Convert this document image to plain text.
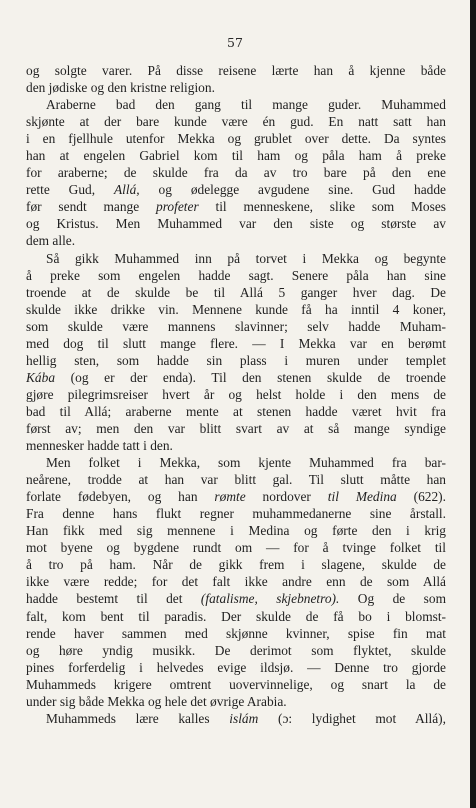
57
og solgte varer. På disse reisene lærte han å kjenne både
den jødiske og den kristne religion.
Araberne bad den gang til mange guder. Muhammed
skjønte at der bare kunde være én gud. En natt satt han
i en fjellhule utenfor Mekka og grublet over dette. Da syntes
han at engelen Gabriel kom til ham og påla ham å preke
for araberne; de skulde fra da av tro bare på den ene
rette Gud, Allá, og ødelegge avgudene sine. Gud hadde
før sendt mange profeter til menneskene, slike som Moses
og Kristus. Men Muhammed var den siste og største av
dem alle.
Så gikk Muhammed inn på torvet i Mekka og begynte
å preke som engelen hadde sagt. Senere påla han sine
troende at de skulde be til Allá 5 ganger hver dag. De
skulde ikke drikke vin. Mennene kunde få ha inntil 4 koner,
som skulde være mannens slavinner; selv hadde Muham-
med dog til slutt mange flere. — I Mekka var en berømt
hellig sten, som hadde sin plass i muren under templet
Kába (og er der enda). Til den stenen skulde de troende
gjøre pilegrimsreiser hvert år og helst holde i den mens de
bad til Allá; araberne mente at stenen hadde været hvit fra
først av; men den var blitt svart av at så mange syndige
mennesker hadde tatt i den.
Men folket i Mekka, som kjente Muhammed fra bar-
neårene, trodde at han var blitt gal. Til slutt måtte han
forlate fødebyen, og han rømte nordover til Medina (622).
Fra denne hans flukt regner muhammedanerne sine årstall.
Han fikk med sig mennene i Medina og førte den i krig
mot byene og bygdene rundt om — for å tvinge folket til
å tro på ham. Når de gikk frem i slagene, skulde de
ikke være redde; for det falt ikke andre enn de som Allá
hadde bestemt til det (fatalisme, skjebnetro). Og de som
falt, kom bent til paradis. Der skulde de få bo i blomst-
rende haver sammen med skjønne kvinner, spise fin mat
og høre yndig musikk. De derimot som flyktet, skulde
pines forferdelig i helvedes evige ildsjø. — Denne tro gjorde
Muhammeds krigere omtrent uovervinnelige, og snart la de
under sig både Mekka og hele det øvrige Arabia.
Muhammeds lære kalles islám (ɔ: lydighet mot Allá),
